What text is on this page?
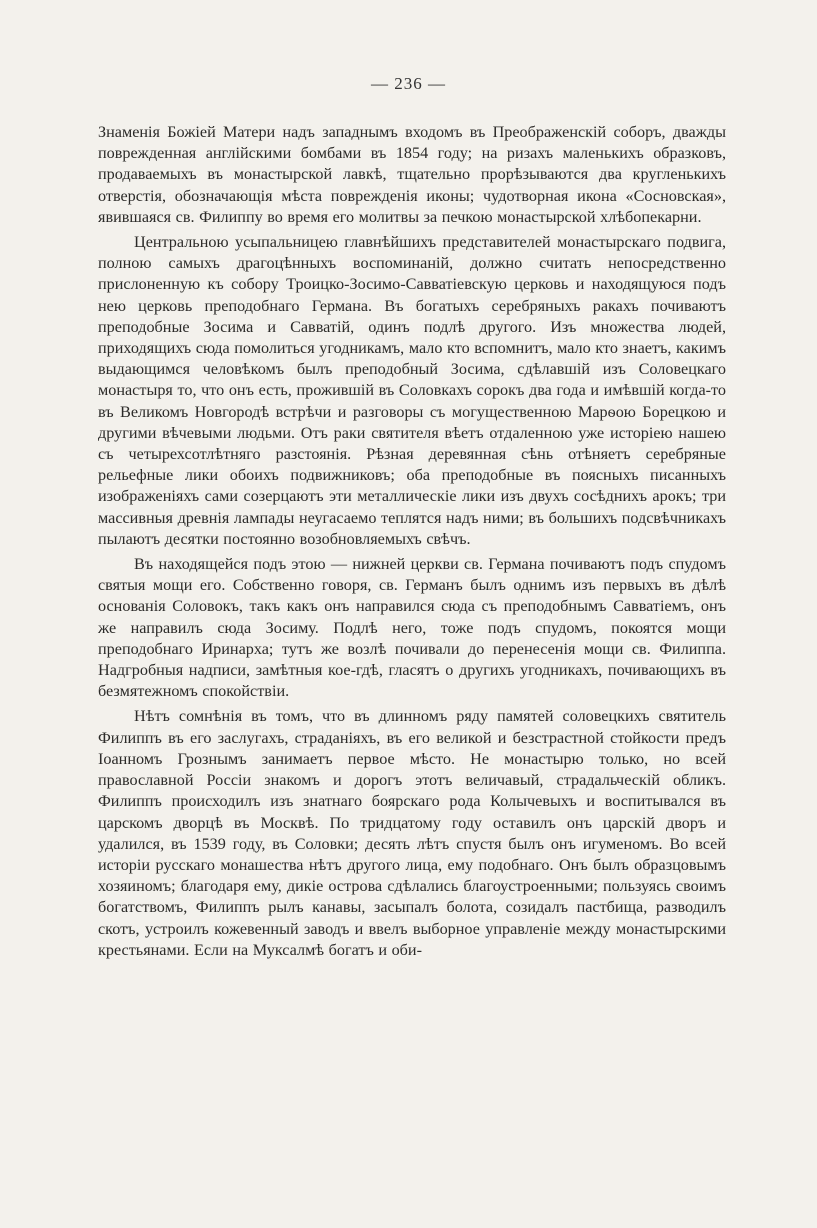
— 236 —

Знаменія Божіей Матери надъ западнымъ входомъ въ Преображенскій соборъ, дважды поврежденная англійскими бомбами въ 1854 году; на ризахъ маленькихъ образковъ, продаваемыхъ въ монастырской лавкѣ, тщательно прорѣзываются два кругленькихъ отверстія, обозначающія мѣста поврежденія иконы; чудотворная икона «Сосновская», явившаяся св. Филиппу во время его молитвы за печкою монастырской хлѣбопекарни.

Центральною усыпальницею главнѣйшихъ представителей монастырскаго подвига, полною самыхъ драгоцѣнныхъ воспоминаній, должно считать непосредственно прислоненную къ собору Троицко-Зосимо-Савватіевскую церковь и находящуюся подъ нею церковь преподобнаго Германа. Въ богатыхъ серебряныхъ ракахъ почиваютъ преподобные Зосима и Савватій, одинъ подлѣ другого. Изъ множества людей, приходящихъ сюда помолиться угодникамъ, мало кто вспомнитъ, мало кто знаетъ, какимъ выдающимся человѣкомъ былъ преподобный Зосима, сдѣлавшій изъ Соловецкаго монастыря то, что онъ есть, прожившій въ Соловкахъ сорокъ два года и имѣвшій когда-то въ Великомъ Новгородѣ встрѣчи и разговоры съ могущественною Марѳою Борецкою и другими вѣчевыми людьми. Отъ раки святителя вѣетъ отдаленною уже исторіею нашею съ четырехсотлѣтняго разстоянія. Рѣзная деревянная сѣнь отѣняетъ серебряные рельефные лики обоихъ подвижниковъ; оба преподобные въ поясныхъ писанныхъ изображеніяхъ сами созерцаютъ эти металлическіе лики изъ двухъ сосѣднихъ арокъ; три массивныя древнія лампады неугасаемо теплятся надъ ними; въ большихъ подсвѣчникахъ пылаютъ десятки постоянно возобновляемыхъ свѣчъ.

Въ находящейся подъ этою — нижней церкви св. Германа почиваютъ подъ спудомъ святыя мощи его. Собственно говоря, св. Германъ былъ однимъ изъ первыхъ въ дѣлѣ основанія Соловокъ, такъ какъ онъ направился сюда съ преподобнымъ Савватіемъ, онъ же направилъ сюда Зосиму. Подлѣ него, тоже подъ спудомъ, покоятся мощи преподобнаго Иринарха; тутъ же возлѣ почивали до перенесенія мощи св. Филиппа. Надгробныя надписи, замѣтныя кое-гдѣ, гласятъ о другихъ угодникахъ, почивающихъ въ безмятежномъ спокойствіи.

Нѣтъ сомнѣнія въ томъ, что въ длинномъ ряду памятей соловецкихъ святитель Филиппъ въ его заслугахъ, страданіяхъ, въ его великой и безстрастной стойкости предъ Іоанномъ Грознымъ занимаетъ первое мѣсто. Не монастырю только, но всей православной Россіи знакомъ и дорогъ этотъ величавый, страдальческій обликъ. Филиппъ происходилъ изъ знатнаго боярскаго рода Колычевыхъ и воспитывался въ царскомъ дворцѣ въ Москвѣ. По тридцатому году оставилъ онъ царскій дворъ и удалился, въ 1539 году, въ Соловки; десять лѣтъ спустя былъ онъ игуменомъ. Во всей исторіи русскаго монашества нѣтъ другого лица, ему подобнаго. Онъ былъ образцовымъ хозяиномъ; благодаря ему, дикіе острова сдѣлались благоустроенными; пользуясь своимъ богатствомъ, Филиппъ рылъ канавы, засыпалъ болота, созидалъ пастбища, разводилъ скотъ, устроилъ кожевенный заводъ и ввелъ выборное управленіе между монастырскими крестьянами. Если на Муксалмѣ богатъ и оби-
